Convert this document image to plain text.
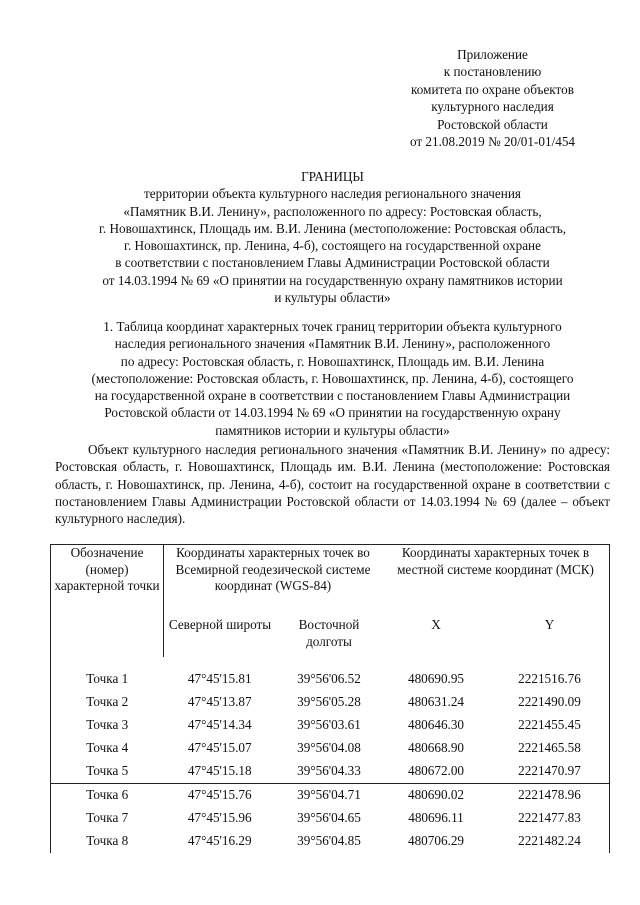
Приложение
к постановлению
комитета по охране объектов
культурного наследия
Ростовской области
от 21.08.2019 № 20/01-01/454
ГРАНИЦЫ
территории объекта культурного наследия регионального значения
«Памятник В.И. Ленину», расположенного по адресу: Ростовская область,
г. Новошахтинск, Площадь им. В.И. Ленина (местоположение: Ростовская область,
г. Новошахтинск, пр. Ленина, 4-б), состоящего на государственной охране
в соответствии с постановлением Главы Администрации Ростовской области
от 14.03.1994 № 69 «О принятии на государственную охрану памятников истории
и культуры области»
1. Таблица координат характерных точек границ территории объекта культурного
наследия регионального значения «Памятник В.И. Ленину», расположенного
по адресу: Ростовская область, г. Новошахтинск, Площадь им. В.И. Ленина
(местоположение: Ростовская область, г. Новошахтинск, пр. Ленина, 4-б), состоящего
на государственной охране в соответствии с постановлением Главы Администрации
Ростовской области от 14.03.1994 № 69 «О принятии на государственную охрану
памятников истории и культуры области»
Объект культурного наследия регионального значения «Памятник В.И. Ленину» по адресу: Ростовская область, г. Новошахтинск, Площадь им. В.И. Ленина (местоположение: Ростовская область, г. Новошахтинск, пр. Ленина, 4-б), состоит на государственной охране в соответствии с постановлением Главы Администрации Ростовской области от 14.03.1994 № 69 (далее – объект культурного наследия).
Обозначение (номер) характерной точки	Координаты характерных точек во Всемирной геодезической системе координат (WGS-84)		Координаты характерных точек в местной системе координат (МСК)	
	Северной широты	Восточной долготы	X	Y
Точка 1	47°45'15.81	39°56'06.52	480690.95	2221516.76
Точка 2	47°45'13.87	39°56'05.28	480631.24	2221490.09
Точка 3	47°45'14.34	39°56'03.61	480646.30	2221455.45
Точка 4	47°45'15.07	39°56'04.08	480668.90	2221465.58
Точка 5	47°45'15.18	39°56'04.33	480672.00	2221470.97
Точка 6	47°45'15.76	39°56'04.71	480690.02	2221478.96
Точка 7	47°45'15.96	39°56'04.65	480696.11	2221477.83
Точка 8	47°45'16.29	39°56'04.85	480706.29	2221482.24
